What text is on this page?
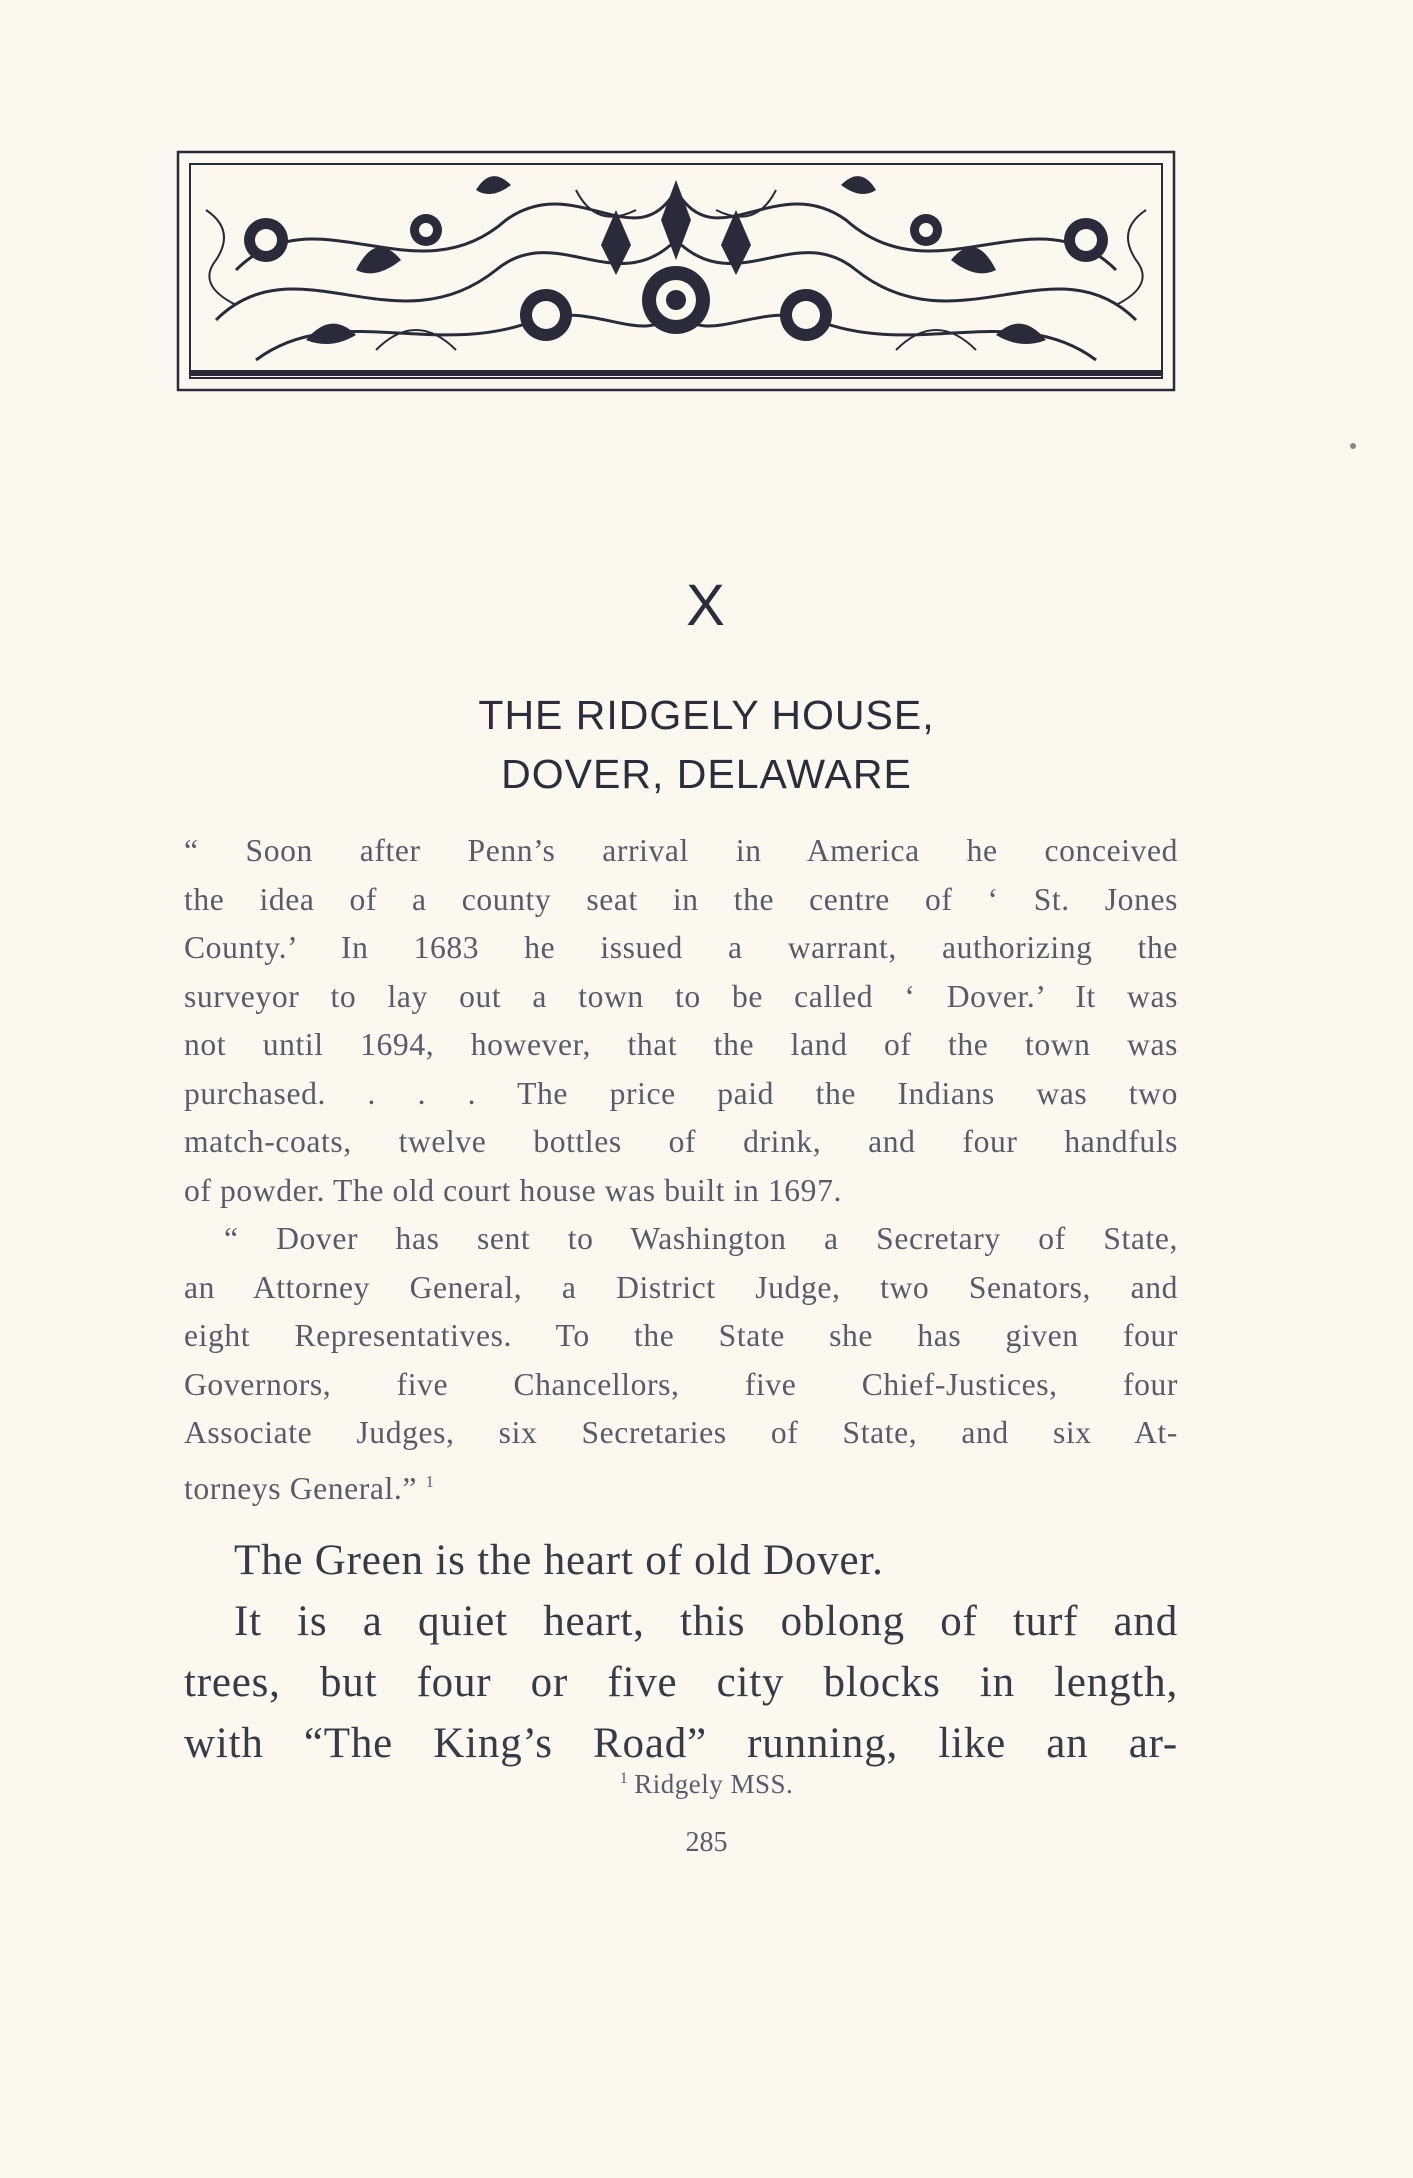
X
THE RIDGELY HOUSE,
DOVER, DELAWARE

“ Soon after Penn’s arrival in America he conceived
the idea of a county seat in the centre of ‘ St. Jones
County.’ In 1683 he issued a warrant, authorizing the
surveyor to lay out a town to be called ‘ Dover.’ It was
not until 1694, however, that the land of the town was
purchased. . . . The price paid the Indians was two
match-coats, twelve bottles of drink, and four handfuls
of powder. The old court house was built in 1697.

“ Dover has sent to Washington a Secretary of State,
an Attorney General, a District Judge, two Senators, and
eight Representatives. To the State she has given four
Governors, five Chancellors, five Chief-Justices, four
Associate Judges, six Secretaries of State, and six At-
torneys General.” $^1$

The Green is the heart of old Dover.
It is a quiet heart, this oblong of turf and
trees, but four or five city blocks in length,
with “The King’s Road” running, like an ar-
$^1$ Ridgely MSS.
285
